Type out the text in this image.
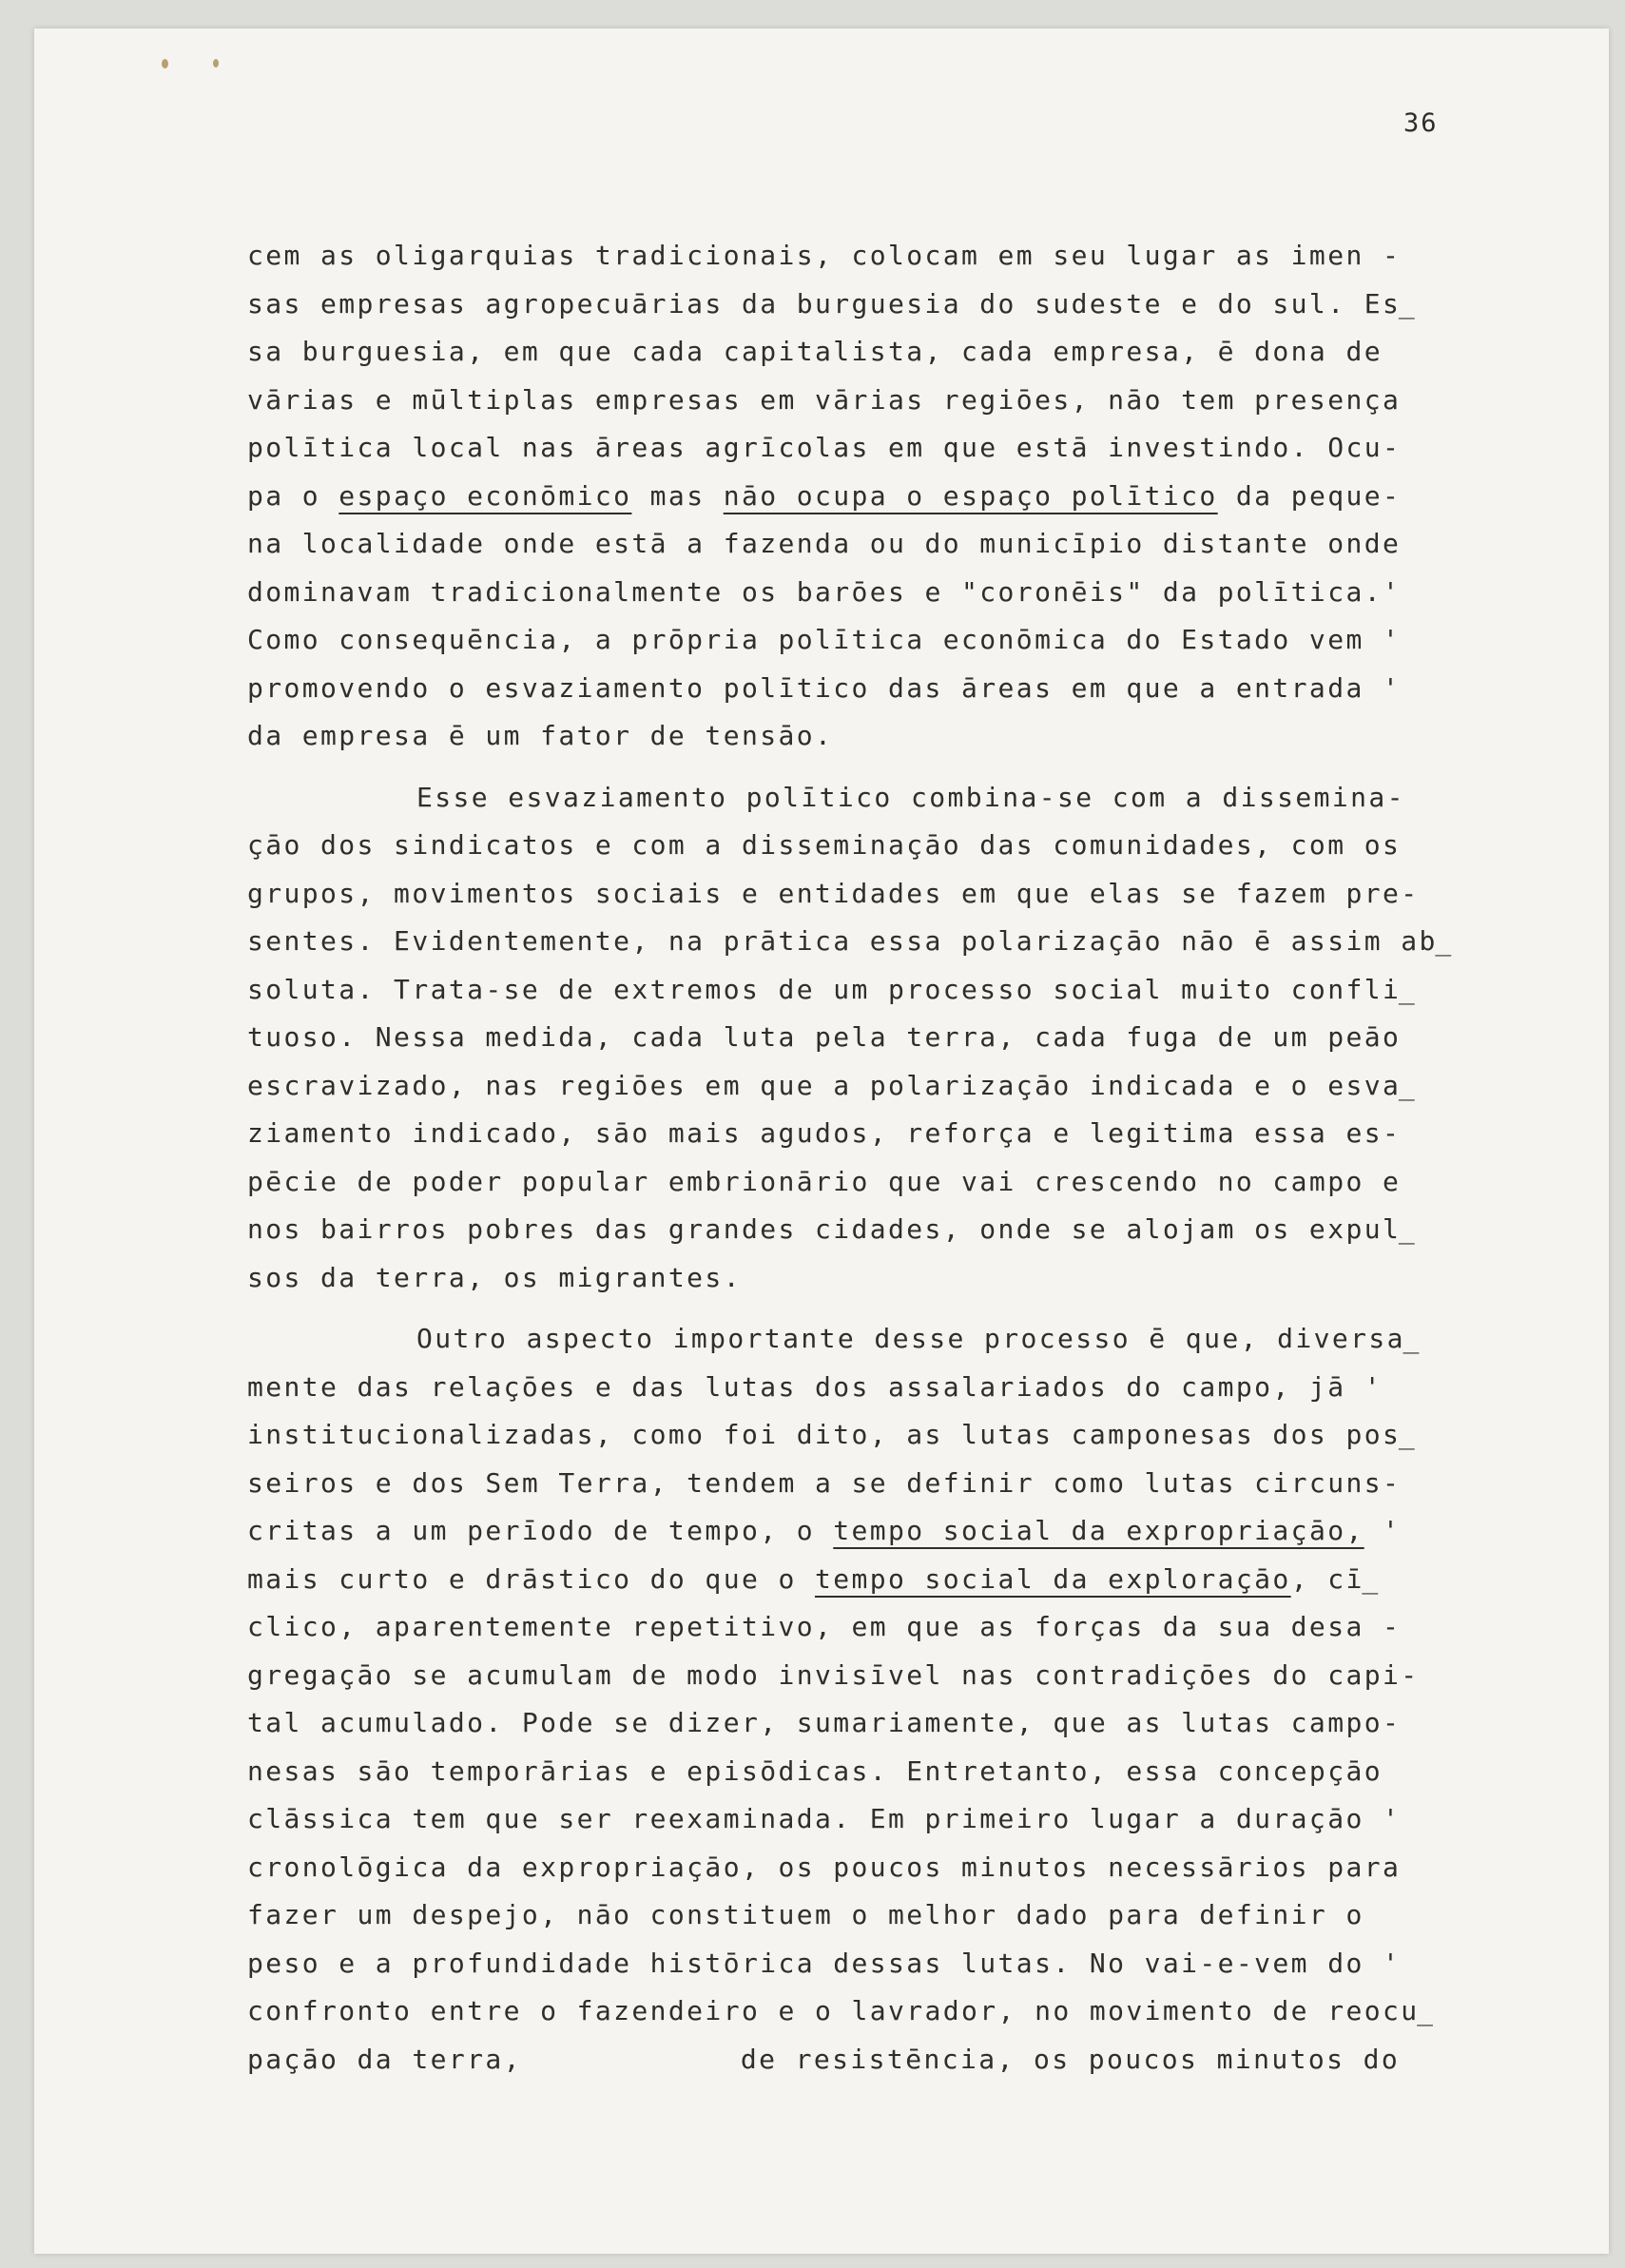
36
cem as oligarquias tradicionais, colocam em seu lugar as imen -
sas empresas agropecuārias da burguesia do sudeste e do sul. Es̲
sa burguesia, em que cada capitalista, cada empresa, ē dona de
vārias e mūltiplas empresas em vārias regiōes, nāo tem presença
polītica local nas āreas agrīcolas em que estā investindo. Ocu-
pa o espaço econōmico mas nāo ocupa o espaço polītico da peque-
na localidade onde estā a fazenda ou do municīpio distante onde
dominavam tradicionalmente os barōes e "coronēis" da polītica.'
Como consequēncia, a prōpria polītica econōmica do Estado vem '
promovendo o esvaziamento polītico das āreas em que a entrada '
da empresa ē um fator de tensāo.
Esse esvaziamento polītico combina-se com a dissemina-
çāo dos sindicatos e com a disseminaçāo das comunidades, com os
grupos, movimentos sociais e entidades em que elas se fazem pre-
sentes. Evidentemente, na prātica essa polarizaçāo nāo ē assim ab̲
soluta. Trata-se de extremos de um processo social muito confli̲
tuoso. Nessa medida, cada luta pela terra, cada fuga de um peāo
escravizado, nas regiōes em que a polarizaçāo indicada e o esva̲
ziamento indicado, sāo mais agudos, reforça e legitima essa es-
pēcie de poder popular embrionārio que vai crescendo no campo e
nos bairros pobres das grandes cidades, onde se alojam os expul̲
sos da terra, os migrantes.
Outro aspecto importante desse processo ē que, diversa̲
mente das relaçōes e das lutas dos assalariados do campo, jā '
institucionalizadas, como foi dito, as lutas camponesas dos pos̲
seiros e dos Sem Terra, tendem a se definir como lutas circuns-
critas a um perīodo de tempo, o tempo social da expropriaçāo, '
mais curto e drāstico do que o tempo social da exploraçāo, cī̲
clico, aparentemente repetitivo, em que as forças da sua desa -
gregaçāo se acumulam de modo invisīvel nas contradiçōes do capi-
tal acumulado. Pode se dizer, sumariamente, que as lutas campo-
nesas sāo temporārias e episōdicas. Entretanto, essa concepçāo
clāssica tem que ser reexaminada. Em primeiro lugar a duraçāo '
cronolōgica da expropriaçāo, os poucos minutos necessārios para
fazer um despejo, nāo constituem o melhor dado para definir o
peso e a profundidade histōrica dessas lutas. No vai-e-vem do '
confronto entre o fazendeiro e o lavrador, no movimento de reocu̲
paçāo da terra,	de resistēncia, os poucos minutos do
